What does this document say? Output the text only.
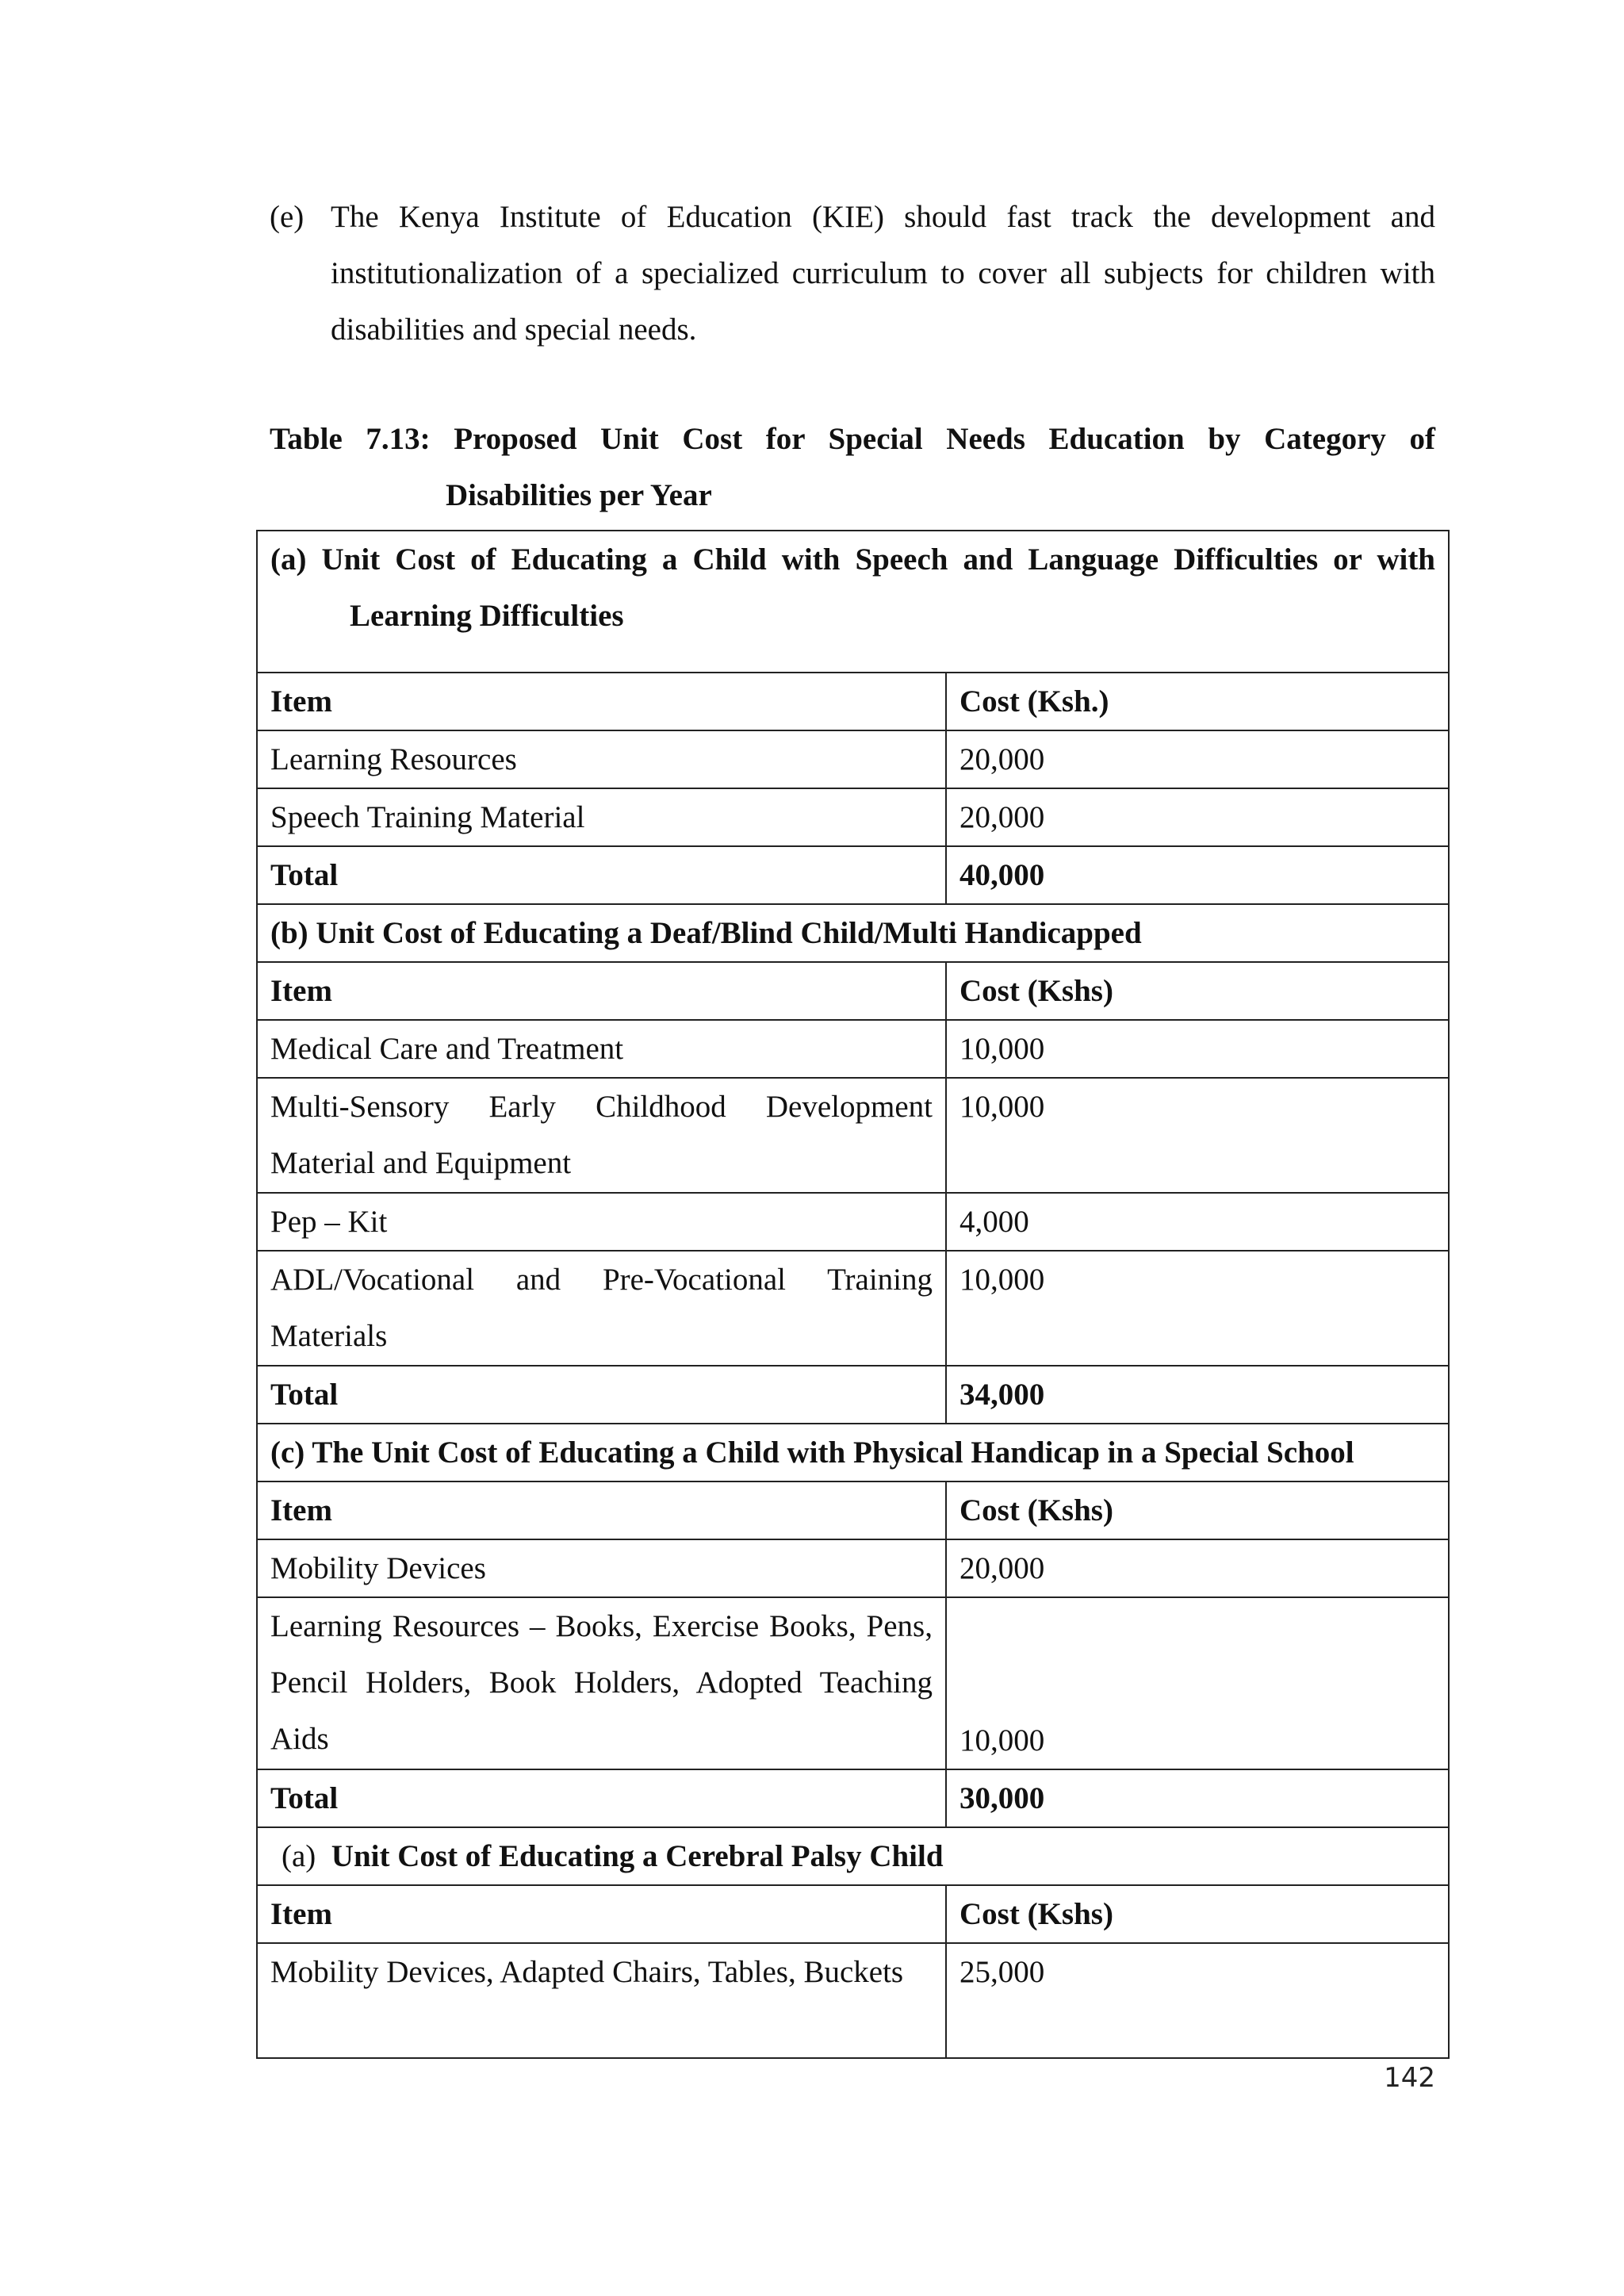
(e) The Kenya Institute of Education (KIE) should fast track the development and institutionalization of a specialized curriculum to cover all subjects for children with disabilities and special needs.
Table 7.13: Proposed Unit Cost for Special Needs Education by Category of
Disabilities per Year
(a) Unit Cost of Educating a Child with Speech and Language Difficulties or with
Learning Difficulties	

Item	Cost (Ksh.)
Learning Resources	20,000
Speech Training Material	20,000
Total	40,000
(b) Unit Cost of Educating a Deaf/Blind Child/Multi Handicapped	
Item	Cost (Kshs)
Medical Care and Treatment	10,000
Multi-Sensory Early Childhood Development Material and Equipment	10,000
Pep – Kit	4,000
ADL/Vocational and Pre-Vocational Training Materials	10,000
Total	34,000
(c) The Unit Cost of Educating a Child with Physical Handicap in a Special School	
Item	Cost (Kshs)
Mobility Devices	20,000
Learning Resources – Books, Exercise Books, Pens, Pencil Holders, Book Holders, Adopted Teaching Aids	10,000
Total	30,000
(a) Unit Cost of Educating a Cerebral Palsy Child	
Item	Cost (Kshs)
Mobility Devices, Adapted Chairs, Tables, Buckets	25,000
142
